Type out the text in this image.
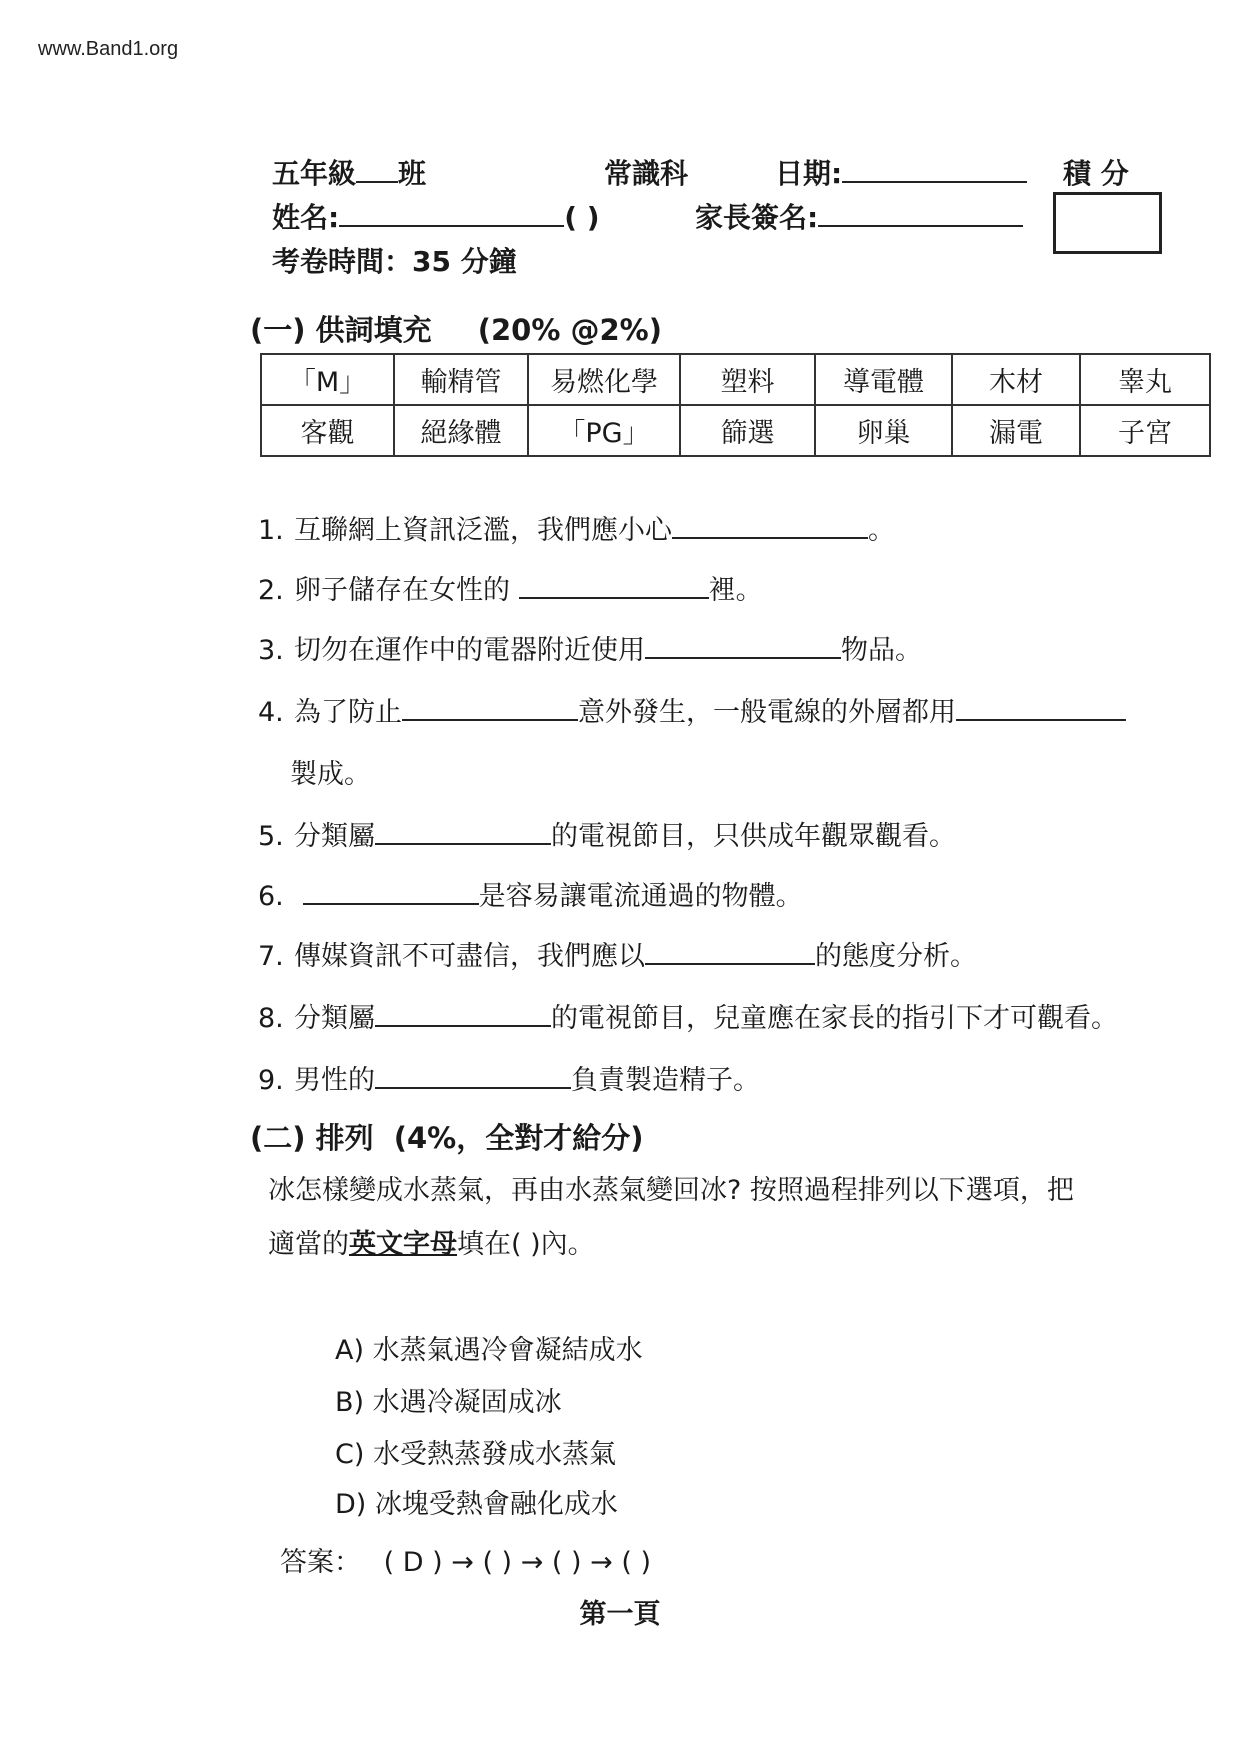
www.Band1.org
五年級 班	常識科	日期:	積 分
姓名:	( )	家長簽名:
考卷時間：35 分鐘
(一) 供詞填充 (20% @2%)
「M」	輸精管	易燃化學	塑料	導電體	木材	睾丸
客觀	絕緣體	「PG」	篩選	卵巢	漏電	子宮
1. 互聯網上資訊泛濫，我們應小心	。
2. 卵子儲存在女性的	裡。
3. 切勿在運作中的電器附近使用	物品。
4. 為了防止	意外發生，一般電線的外層都用
製成。
5. 分類屬	的電視節目，只供成年觀眾觀看。
6.	是容易讓電流通過的物體。
7. 傳媒資訊不可盡信，我們應以	的態度分析。
8. 分類屬	的電視節目，兒童應在家長的指引下才可觀看。
9. 男性的	負責製造精子。
(二) 排列 (4%，全對才給分)
冰怎樣變成水蒸氣，再由水蒸氣變回冰? 按照過程排列以下選項，把
適當的英文字母填在( )內。
A) 水蒸氣遇冷會凝結成水
B) 水遇冷凝固成冰
C) 水受熱蒸發成水蒸氣
D) 冰塊受熱會融化成水
答案： ( D ) → ( ) → ( ) → ( )
第一頁
